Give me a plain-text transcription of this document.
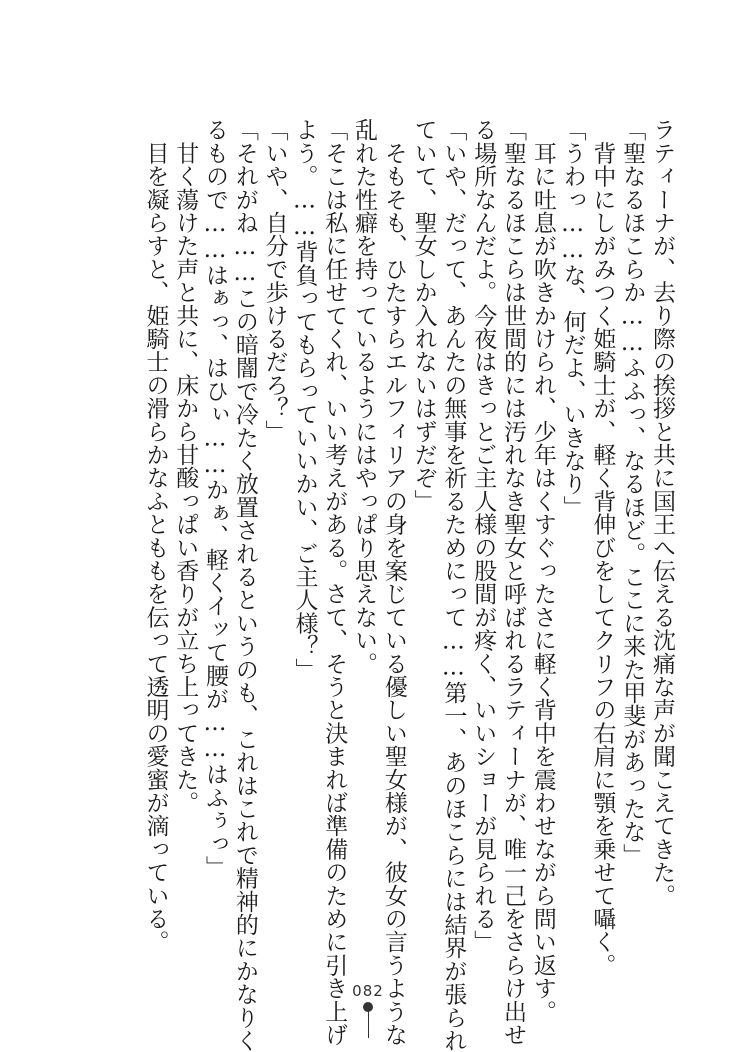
ラティーナが、去り際の挨拶と共に国王へ伝える沈痛な声が聞こえてきた。
「聖なるほこらか……ふふっ、なるほど。ここに来た甲斐があったな」
　背中にしがみつく姫騎士が、軽く背伸びをしてクリフの右肩に顎を乗せて囁く。
「うわっ……な、何だよ、いきなり」
　耳に吐息が吹きかけられ、少年はくすぐったさに軽く背中を震わせながら問い返す。
「聖なるほこらは世間的には汚れなき聖女と呼ばれるラティーナが、唯一己をさらけ出せ
る場所なんだよ。今夜はきっとご主人様の股間が疼く、いいショーが見られる」
「いや、だって、あんたの無事を祈るためにって……第一、あのほこらには結界が張られ
ていて、聖女しか入れないはずだぞ」
　そもそも、ひたすらエルフィリアの身を案じている優しい聖女様が、彼女の言うような
乱れた性癖を持っているようにはやっぱり思えない。
「そこは私に任せてくれ、いい考えがある。さて、そうと決まれば準備のために引き上げ
よう。……背負ってもらっていいかい、ご主人様？」
「いや、自分で歩けるだろ？」
「それがね……この暗闇で冷たく放置されるというのも、これはこれで精神的にかなりく
るもので……はぁっ、はひぃ……かぁ、軽くイッて腰が……はふぅっ」
　甘く蕩けた声と共に、床から甘酸っぱい香りが立ち上ってきた。
　目を凝らすと、姫騎士の滑らかなふとももを伝って透明の愛蜜が滴っている。
082
